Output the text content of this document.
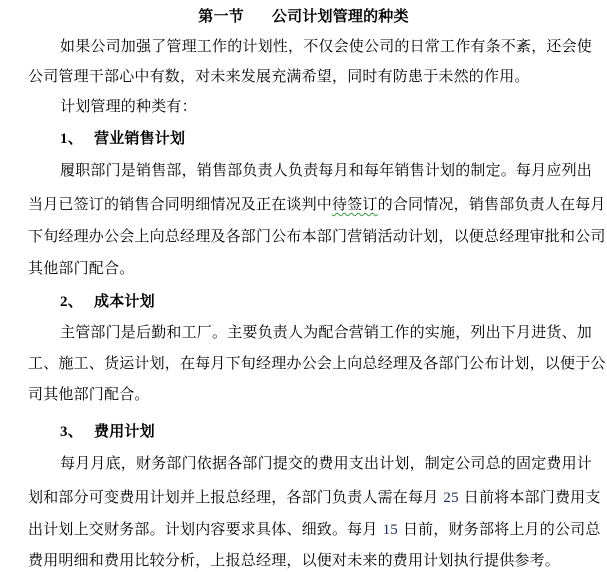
第一节 公司计划管理的种类
如果公司加强了管理工作的计划性，不仅会使公司的日常工作有条不紊，还会使
公司管理干部心中有数，对未来发展充满希望，同时有防患于未然的作用。
计划管理的种类有：
1、 营业销售计划
履职部门是销售部，销售部负责人负责每月和每年销售计划的制定。每月应列出
当月已签订的销售合同明细情况及正在谈判中待签订的合同情况，销售部负责人在每月
下旬经理办公会上向总经理及各部门公布本部门营销活动计划，以便总经理审批和公司
其他部门配合。
2、 成本计划
主管部门是后勤和工厂。主要负责人为配合营销工作的实施，列出下月进货、加
工、施工、货运计划，在每月下旬经理办公会上向总经理及各部门公布计划，以便于公
司其他部门配合。
3、 费用计划
每月月底，财务部门依据各部门提交的费用支出计划，制定公司总的固定费用计
划和部分可变费用计划并上报总经理，各部门负责人需在每月 25 日前将本部门费用支
出计划上交财务部。计划内容要求具体、细致。每月 15 日前，财务部将上月的公司总
费用明细和费用比较分析，上报总经理，以便对未来的费用计划执行提供参考。
